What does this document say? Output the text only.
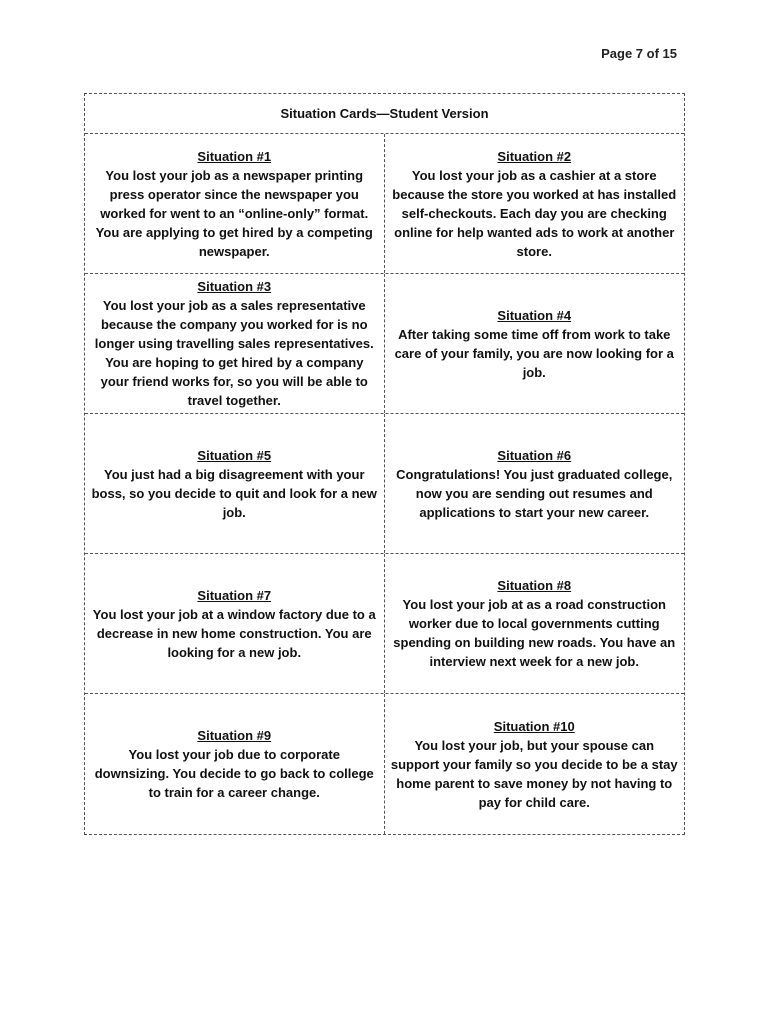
Page 7 of 15
Situation Cards—Student Version
Situation #1
You lost your job as a newspaper printing press operator since the newspaper you worked for went to an “online-only” format. You are applying to get hired by a competing newspaper.
Situation #2
You lost your job as a cashier at a store because the store you worked at has installed self-checkouts. Each day you are checking online for help wanted ads to work at another store.
Situation #3
You lost your job as a sales representative because the company you worked for is no longer using travelling sales representatives. You are hoping to get hired by a company your friend works for, so you will be able to travel together.
Situation #4
After taking some time off from work to take care of your family, you are now looking for a job.
Situation #5
You just had a big disagreement with your boss, so you decide to quit and look for a new job.
Situation #6
Congratulations! You just graduated college, now you are sending out resumes and applications to start your new career.
Situation #7
You lost your job at a window factory due to a decrease in new home construction. You are looking for a new job.
Situation #8
You lost your job at as a road construction worker due to local governments cutting spending on building new roads. You have an interview next week for a new job.
Situation #9
You lost your job due to corporate downsizing. You decide to go back to college to train for a career change.
Situation #10
You lost your job, but your spouse can support your family so you decide to be a stay home parent to save money by not having to pay for child care.
